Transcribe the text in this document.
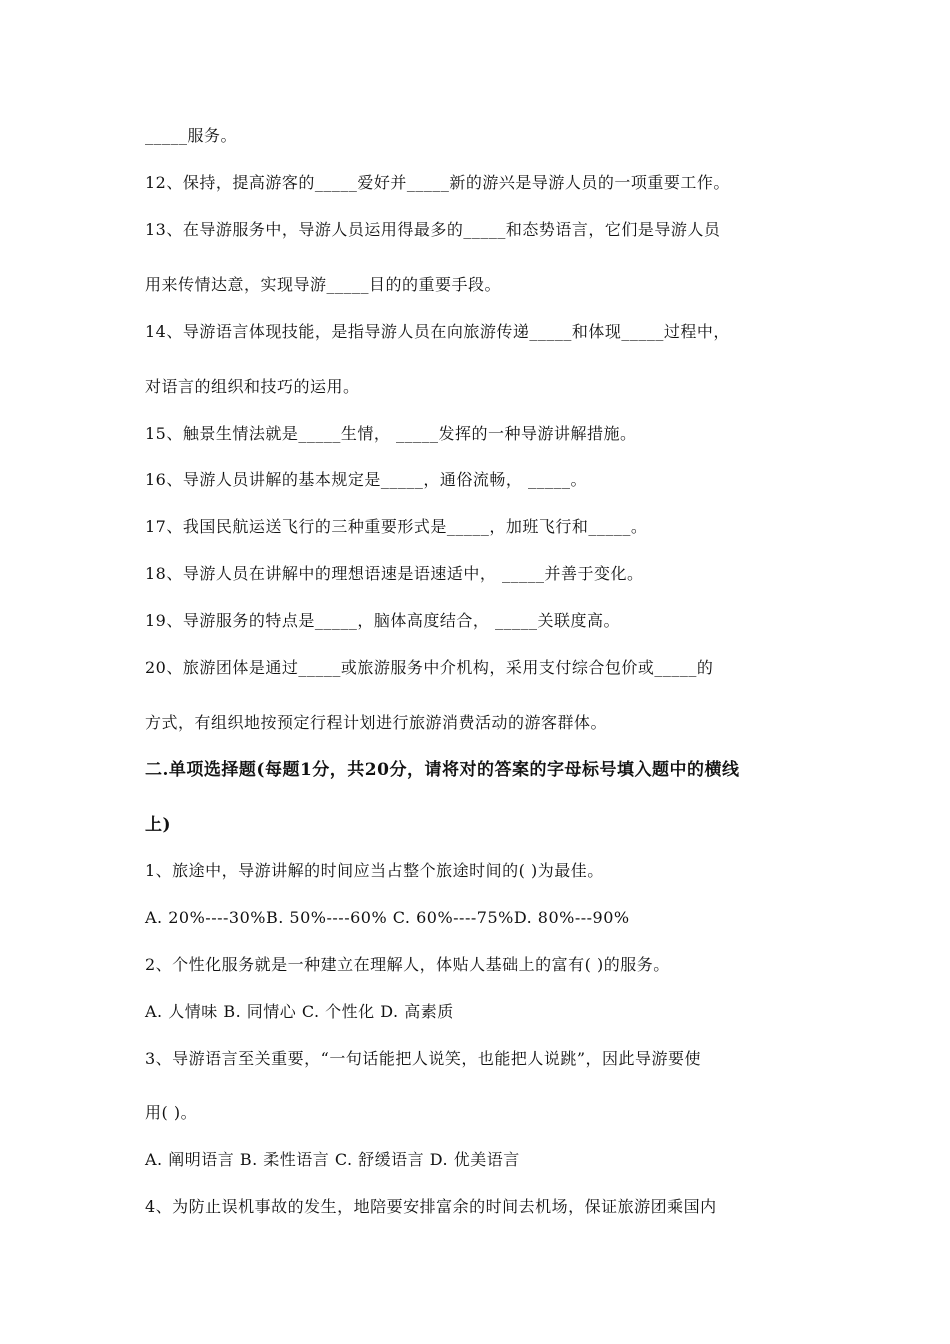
_____服务。
12、保持，提高游客的_____爱好并_____新的游兴是导游人员的一项重要工作。
13、在导游服务中，导游人员运用得最多的_____和态势语言，它们是导游人员
用来传情达意，实现导游_____目的的重要手段。
14、导游语言体现技能，是指导游人员在向旅游传递_____和体现_____过程中，
对语言的组织和技巧的运用。
15、触景生情法就是_____生情， _____发挥的一种导游讲解措施。
16、导游人员讲解的基本规定是_____，通俗流畅， _____。
17、我国民航运送飞行的三种重要形式是_____，加班飞行和_____。
18、导游人员在讲解中的理想语速是语速适中， _____并善于变化。
19、导游服务的特点是_____，脑体高度结合， _____关联度高。
20、旅游团体是通过_____或旅游服务中介机构，采用支付综合包价或_____的
方式，有组织地按预定行程计划进行旅游消费活动的游客群体。
二.单项选择题(每题1分，共20分，请将对的答案的字母标号填入题中的横线
上)
1、旅途中，导游讲解的时间应当占整个旅途时间的( )为最佳。
A. 20%----30%B. 50%----60% C. 60%----75%D. 80%---90%
2、个性化服务就是一种建立在理解人，体贴人基础上的富有( )的服务。
A. 人情味 B. 同情心 C. 个性化 D. 高素质
3、导游语言至关重要，“一句话能把人说笑，也能把人说跳”，因此导游要使
用( )。
A. 阐明语言 B. 柔性语言 C. 舒缓语言 D. 优美语言
4、为防止误机事故的发生，地陪要安排富余的时间去机场，保证旅游团乘国内
